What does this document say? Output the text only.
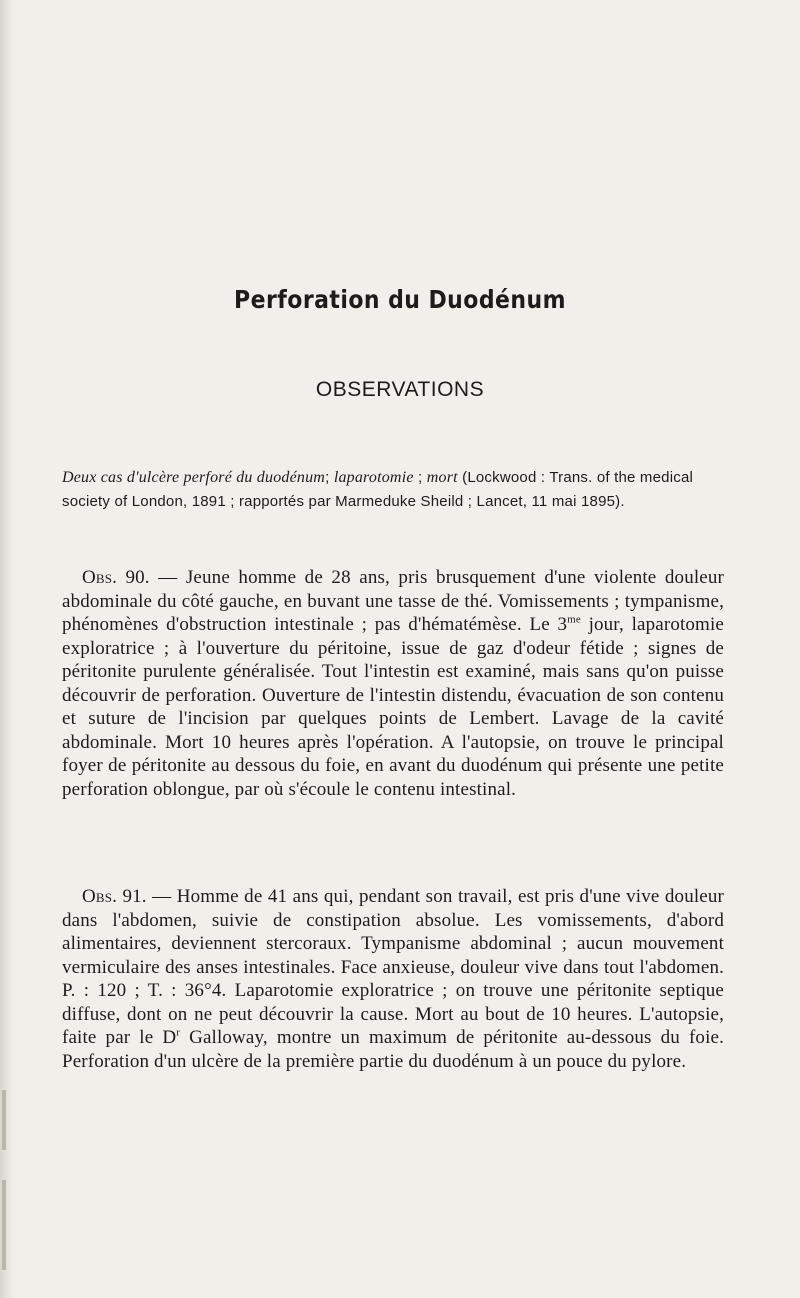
Perforation du Duodénum
OBSERVATIONS

Deux cas d'ulcère perforé du duodénum; laparotomie ; mort (Lockwood : Trans. of the medical society of London, 1891 ; rapportés par Marmeduke Sheild ; Lancet, 11 mai 1895).

Obs. 90. — Jeune homme de 28 ans, pris brusquement d'une violente douleur abdominale du côté gauche, en buvant une tasse de thé. Vomissements ; tympanisme, phénomènes d'obstruction intestinale ; pas d'hématémèse. Le $3^{me}$ jour, laparotomie exploratrice ; à l'ouverture du péritoine, issue de gaz d'odeur fétide ; signes de péritonite purulente généralisée. Tout l'intestin est examiné, mais sans qu'on puisse découvrir de perforation. Ouverture de l'intestin distendu, évacuation de son contenu et suture de l'incision par quelques points de Lembert. Lavage de la cavité abdominale. Mort 10 heures après l'opération. A l'autopsie, on trouve le principal foyer de péritonite au dessous du foie, en avant du duodénum qui présente une petite perforation oblongue, par où s'écoule le contenu intestinal.

Obs. 91. — Homme de 41 ans qui, pendant son travail, est pris d'une vive douleur dans l'abdomen, suivie de constipation absolue. Les vomissements, d'abord alimentaires, deviennent stercoraux. Tympanisme abdominal ; aucun mouvement vermiculaire des anses intestinales. Face anxieuse, douleur vive dans tout l'abdomen. P. : 120 ; T. : 36°4. Laparotomie exploratrice ; on trouve une péritonite septique diffuse, dont on ne peut découvrir la cause. Mort au bout de 10 heures. L'autopsie, faite par le $D^r$ Galloway, montre un maximum de péritonite au-dessous du foie. Perforation d'un ulcère de la première partie du duodénum à un pouce du pylore.
